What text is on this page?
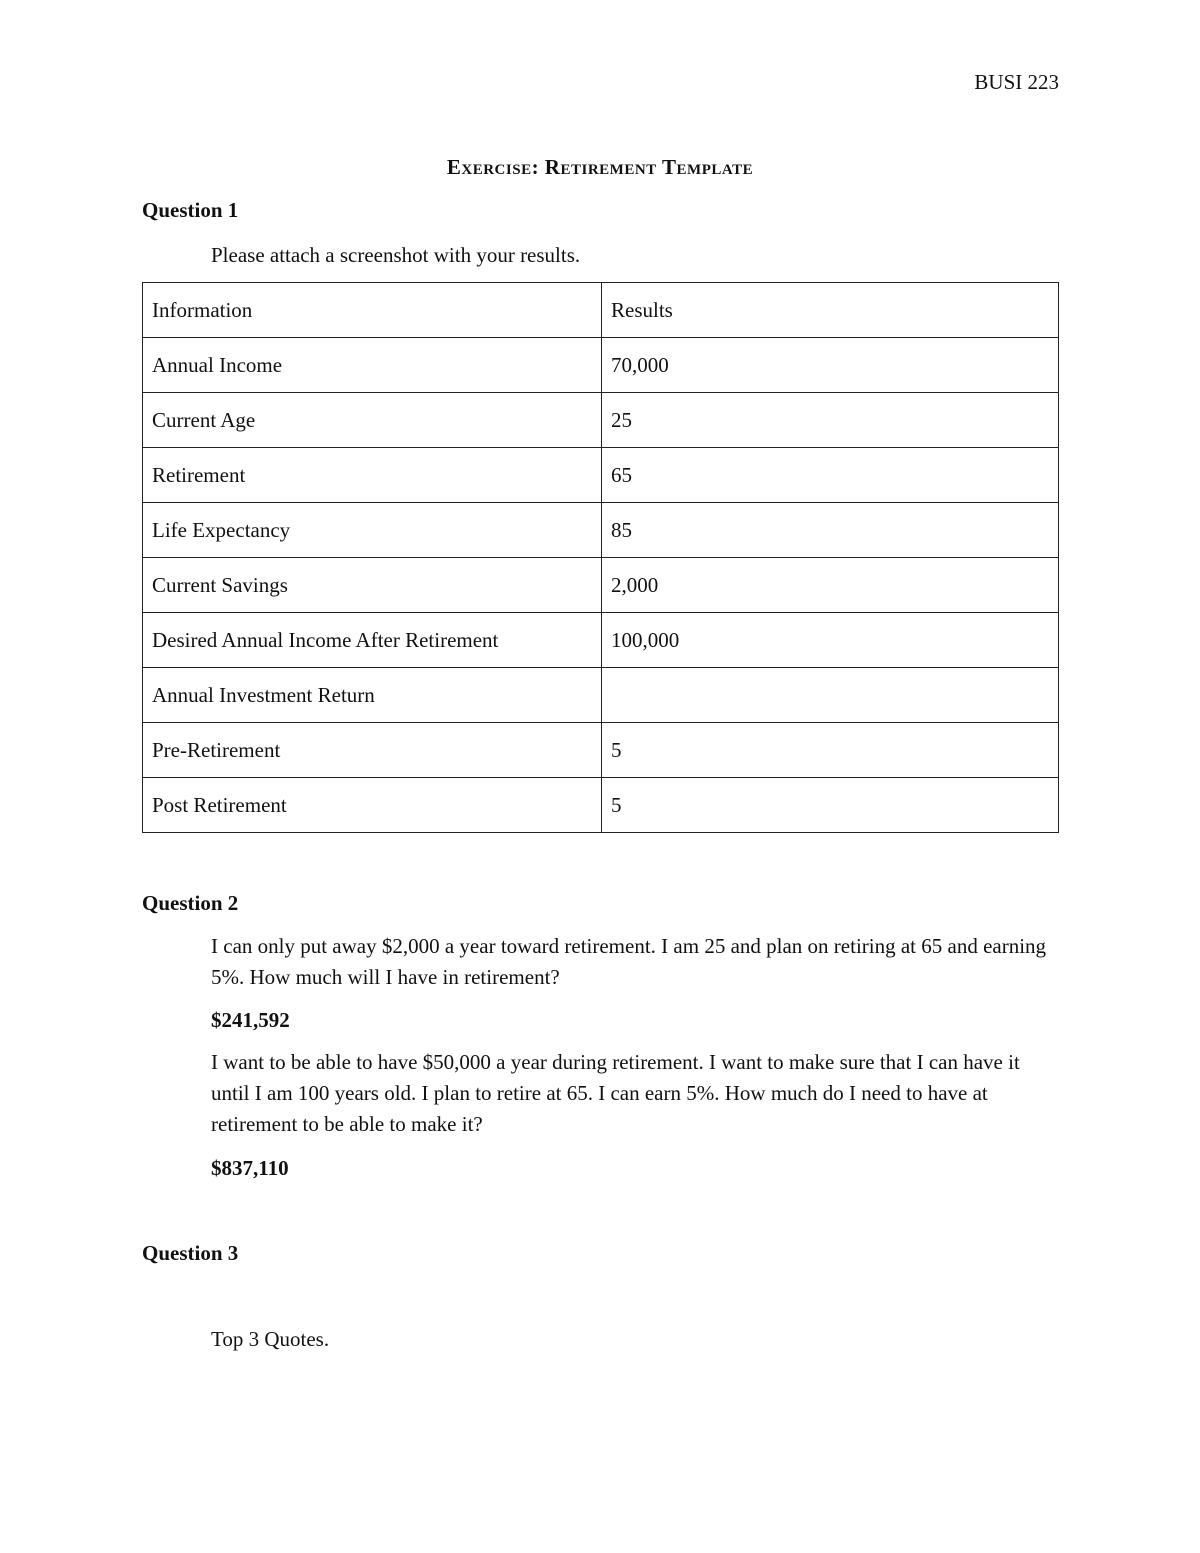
BUSI 223
Exercise: Retirement Template
Question 1
Please attach a screenshot with your results.
Information	Results
Annual Income	70,000
Current Age	25
Retirement	65
Life Expectancy	85
Current Savings	2,000
Desired Annual Income After Retirement	100,000
Annual Investment Return	
Pre-Retirement	5
Post Retirement	5
Question 2
I can only put away $2,000 a year toward retirement. I am 25 and plan on retiring at 65 and earning 5%. How much will I have in retirement?
$241,592
I want to be able to have $50,000 a year during retirement. I want to make sure that I can have it until I am 100 years old. I plan to retire at 65. I can earn 5%. How much do I need to have at retirement to be able to make it?
$837,110
Question 3
Top 3 Quotes.
